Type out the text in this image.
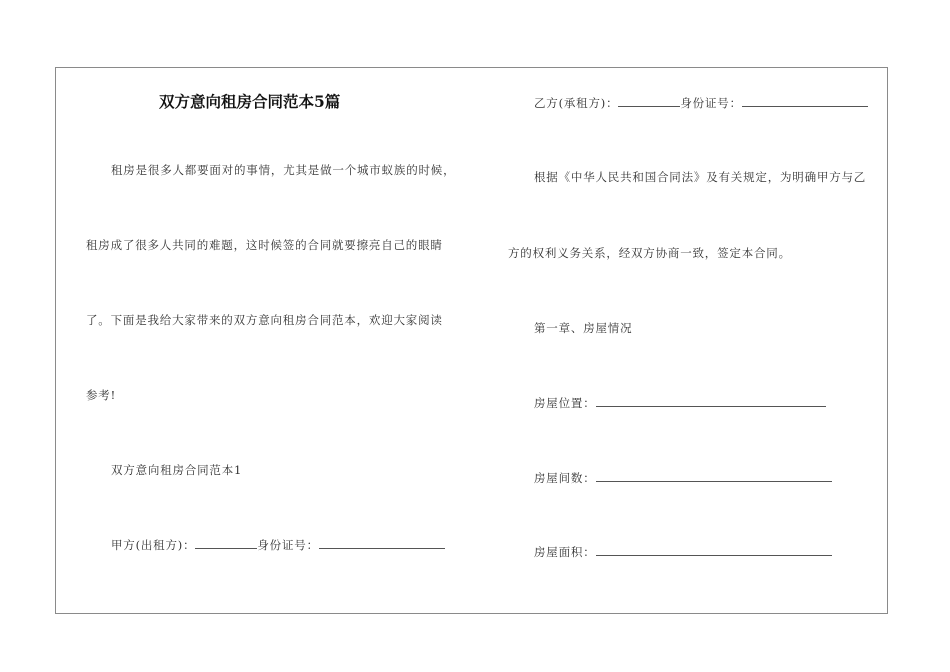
双方意向租房合同范本5篇
租房是很多人都要面对的事情，尤其是做一个城市蚁族的时候，
租房成了很多人共同的难题，这时候签的合同就要擦亮自己的眼睛
了。下面是我给大家带来的双方意向租房合同范本，欢迎大家阅读
参考!
双方意向租房合同范本1
甲方(出租方)：	身份证号：
乙方(承租方)：	身份证号：
根据《中华人民共和国合同法》及有关规定，为明确甲方与乙
方的权利义务关系，经双方协商一致，签定本合同。
第一章、房屋情况
房屋位置：
房屋间数：
房屋面积：
